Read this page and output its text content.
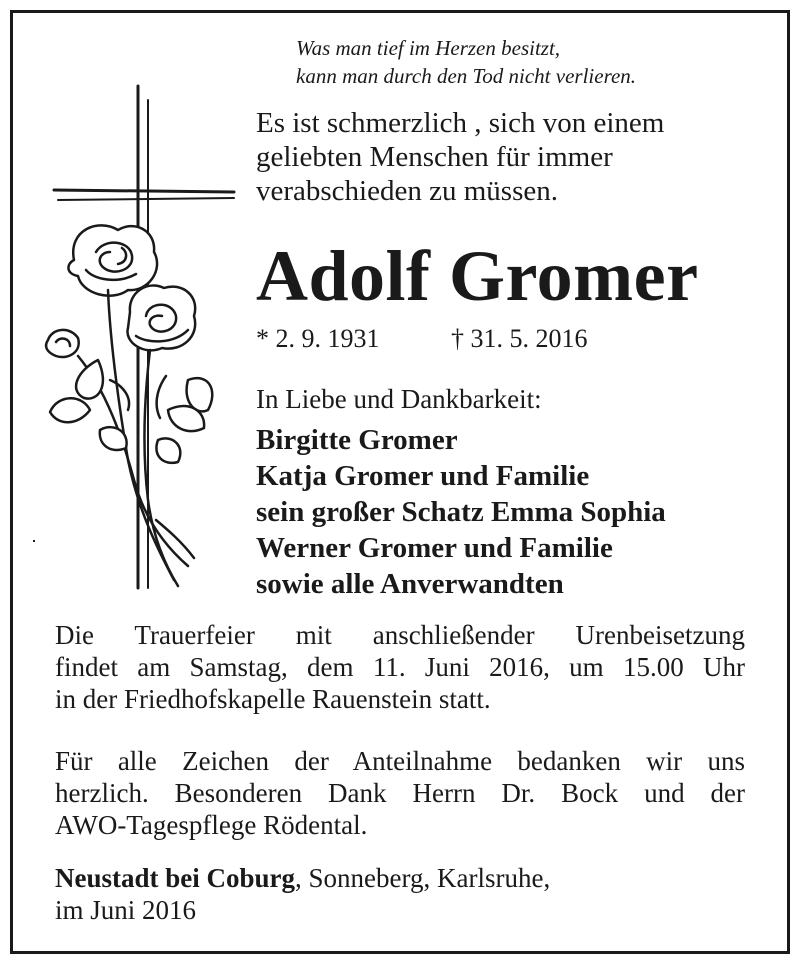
Was man tief im Herzen besitzt,
kann man durch den Tod nicht verlieren.
Es ist schmerzlich , sich von einem
geliebten Menschen für immer
verabschieden zu müssen.
Adolf Gromer
* 2. 9. 1931	† 31. 5. 2016
In Liebe und Dankbarkeit:
Birgitte Gromer
Katja Gromer und Familie
sein großer Schatz Emma Sophia
Werner Gromer und Familie
sowie alle Anverwandten
Die Trauerfeier mit anschließender Urenbeisetzung
findet am Samstag, dem 11. Juni 2016, um 15.00 Uhr
in der Friedhofskapelle Rauenstein statt.
Für alle Zeichen der Anteilnahme bedanken wir uns
herzlich. Besonderen Dank Herrn Dr. Bock und der
AWO-Tagespflege Rödental.
Neustadt bei Coburg, Sonneberg, Karlsruhe,
im Juni 2016
